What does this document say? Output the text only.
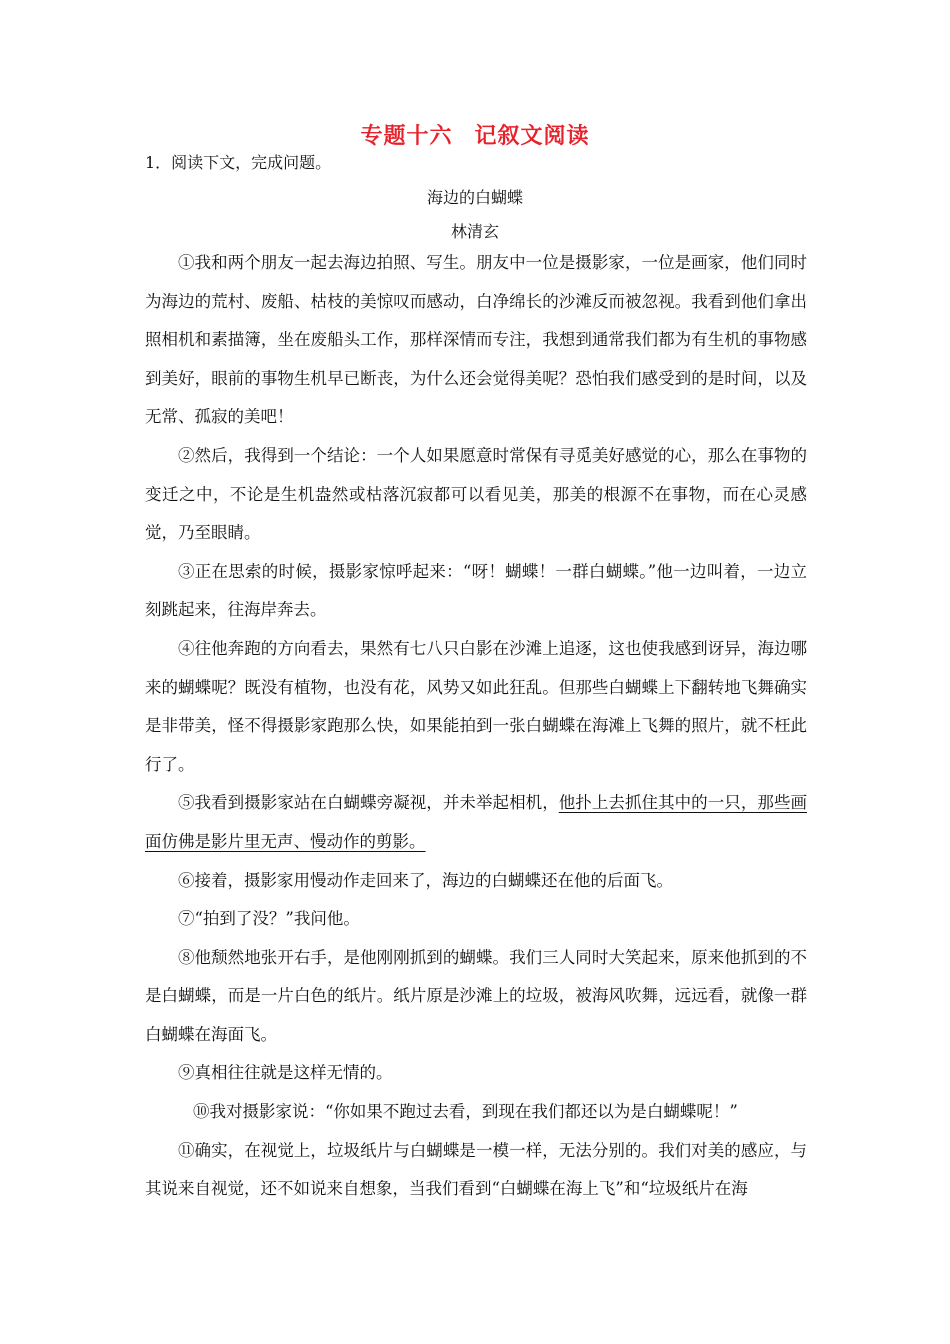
专题十六 记叙文阅读
1．阅读下文，完成问题。
海边的白蝴蝶
林清玄

①我和两个朋友一起去海边拍照、写生。朋友中一位是摄影家，一位是画家，他们同时为海边的荒村、废船、枯枝的美惊叹而感动，白净绵长的沙滩反而被忽视。我看到他们拿出照相机和素描簿，坐在废船头工作，那样深情而专注，我想到通常我们都为有生机的事物感到美好，眼前的事物生机早已断丧，为什么还会觉得美呢？恐怕我们感受到的是时间，以及无常、孤寂的美吧！

②然后，我得到一个结论：一个人如果愿意时常保有寻觅美好感觉的心，那么在事物的变迁之中，不论是生机盎然或枯落沉寂都可以看见美，那美的根源不在事物，而在心灵感觉，乃至眼睛。

③正在思索的时候，摄影家惊呼起来：“呀！蝴蝶！一群白蝴蝶。”他一边叫着，一边立刻跳起来，往海岸奔去。

④往他奔跑的方向看去，果然有七八只白影在沙滩上追逐，这也使我感到讶异，海边哪来的蝴蝶呢？既没有植物，也没有花，风势又如此狂乱。但那些白蝴蝶上下翻转地飞舞确实是非带美，怪不得摄影家跑那么快，如果能拍到一张白蝴蝶在海滩上飞舞的照片，就不枉此行了。

⑤我看到摄影家站在白蝴蝶旁凝视，并未举起相机，他扑上去抓住其中的一只，那些画面仿佛是影片里无声、慢动作的剪影。

⑥接着，摄影家用慢动作走回来了，海边的白蝴蝶还在他的后面飞。

⑦“拍到了没？”我问他。

⑧他颓然地张开右手，是他刚刚抓到的蝴蝶。我们三人同时大笑起来，原来他抓到的不是白蝴蝶，而是一片白色的纸片。纸片原是沙滩上的垃圾，被海风吹舞，远远看，就像一群白蝴蝶在海面飞。

⑨真相往往就是这样无情的。

⑩我对摄影家说：“你如果不跑过去看，到现在我们都还以为是白蝴蝶呢！”

⑪确实，在视觉上，垃圾纸片与白蝴蝶是一模一样，无法分别的。我们对美的感应，与其说来自视觉，还不如说来自想象，当我们看到“白蝴蝶在海上飞”和“垃圾纸片在海
